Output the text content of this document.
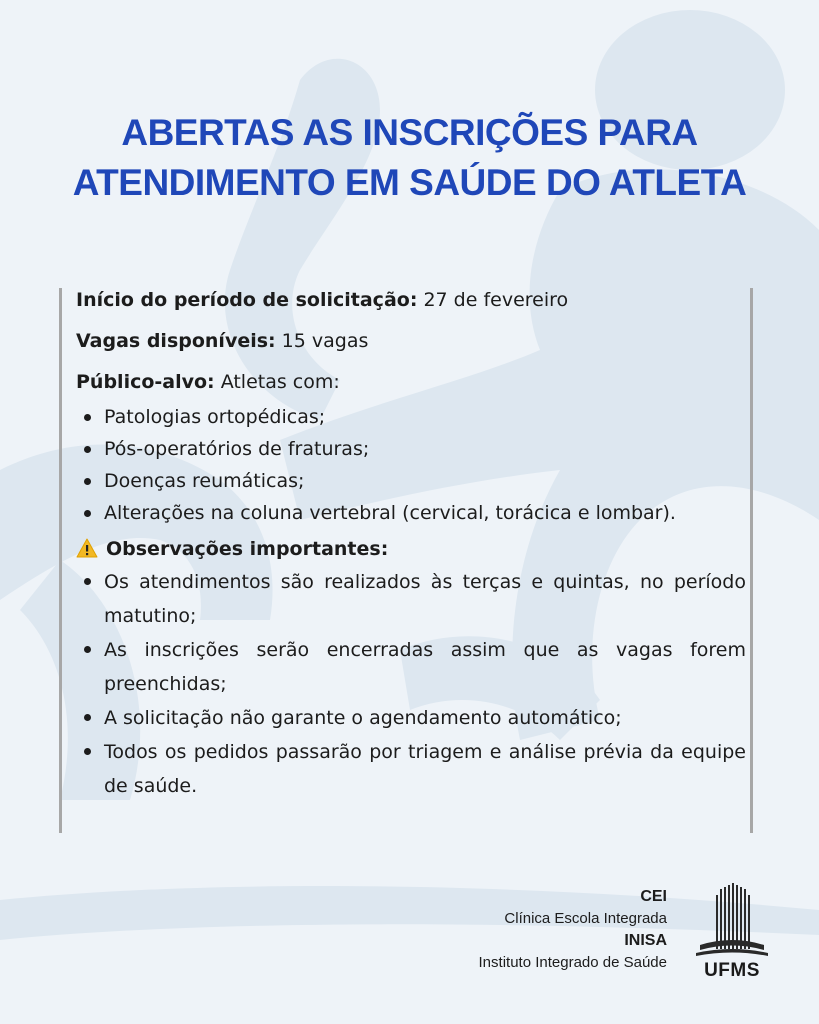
ABERTAS AS INSCRIÇÕES PARA
ATENDIMENTO EM SAÚDE DO ATLETA
Início do período de solicitação: 27 de fevereiro
Vagas disponíveis: 15 vagas
Público-alvo: Atletas com:
Patologias ortopédicas;
Pós-operatórios de fraturas;
Doenças reumáticas;
Alterações na coluna vertebral (cervical, torácica e lombar).
Observações importantes:
Os atendimentos são realizados às terças e quintas, no período matutino;
As inscrições serão encerradas assim que as vagas forem preenchidas;
A solicitação não garante o agendamento automático;
Todos os pedidos passarão por triagem e análise prévia da equipe de saúde.
CEI
Clínica Escola Integrada
INISA
Instituto Integrado de Saúde	UFMS
